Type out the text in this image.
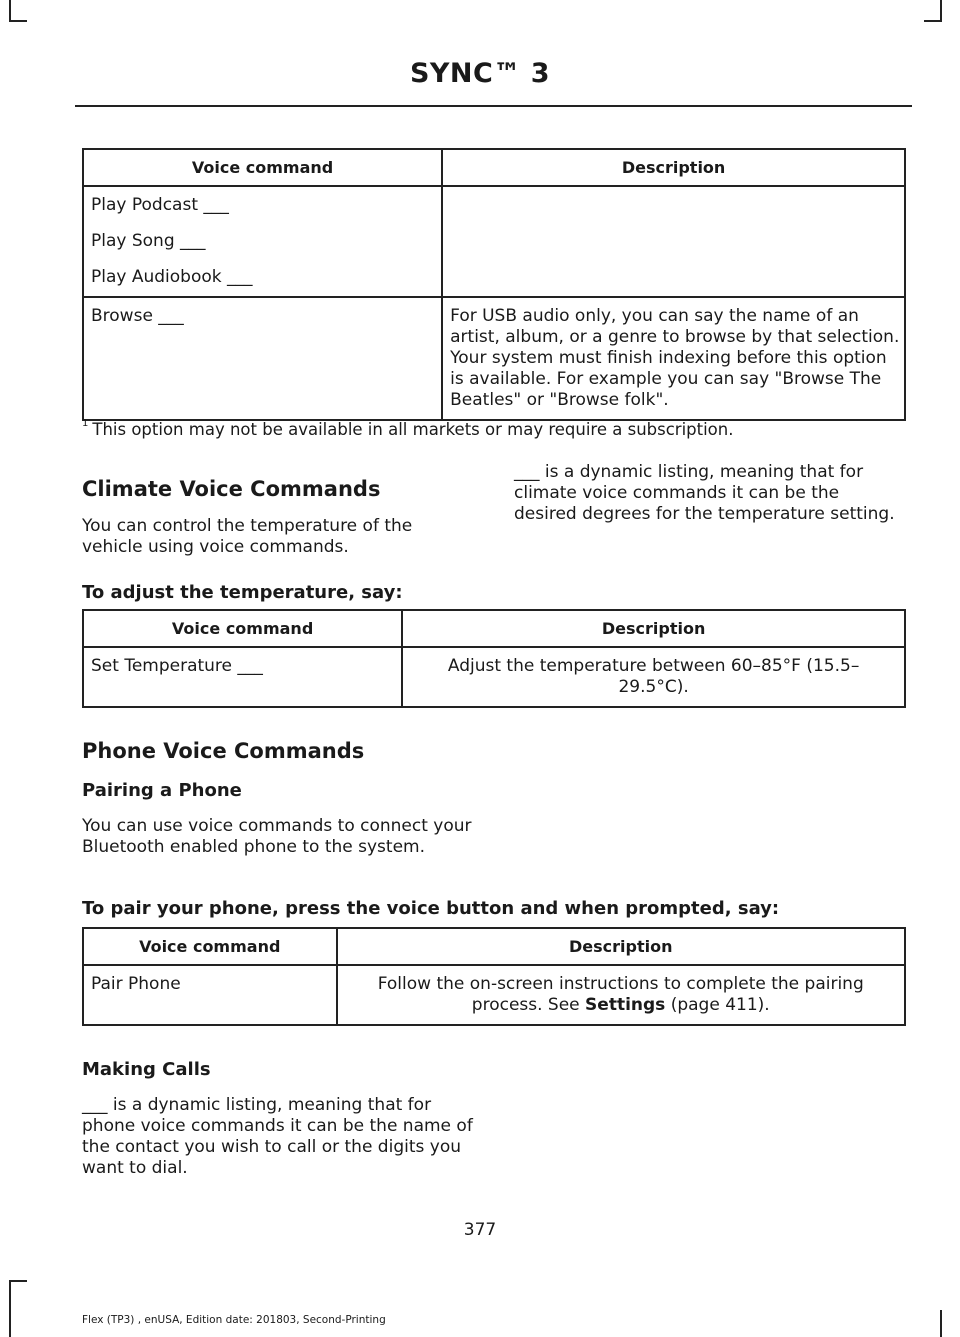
SYNC™ 3
Voice command	Description

Play Podcast ___
Play Song ___
Play Audiobook ___	

Browse ___	For USB audio only, you can say the name of an artist, album, or a genre to browse by that selection. Your system must finish indexing before this option is available. For example you can say "Browse The Beatles" or "Browse folk".
$^1$ This option may not be available in all markets or may require a subscription.
Climate Voice Commands

You can control the temperature of the vehicle using voice commands.

___ is a dynamic listing, meaning that for climate voice commands it can be the desired degrees for the temperature setting.

To adjust the temperature, say:
Voice command	Description
Set Temperature ___	Adjust the temperature between 60–85°F (15.5–29.5°C).
Phone Voice Commands
Pairing a Phone

You can use voice commands to connect your Bluetooth enabled phone to the system.

To pair your phone, press the voice button and when prompted, say:
Voice command	Description
Pair Phone	Follow the on-screen instructions to complete the pairing process. See Settings (page 411).
Making Calls

___ is a dynamic listing, meaning that for phone voice commands it can be the name of the contact you wish to call or the digits you want to dial.

377
Flex (TP3) , enUSA, Edition date: 201803, Second-Printing
